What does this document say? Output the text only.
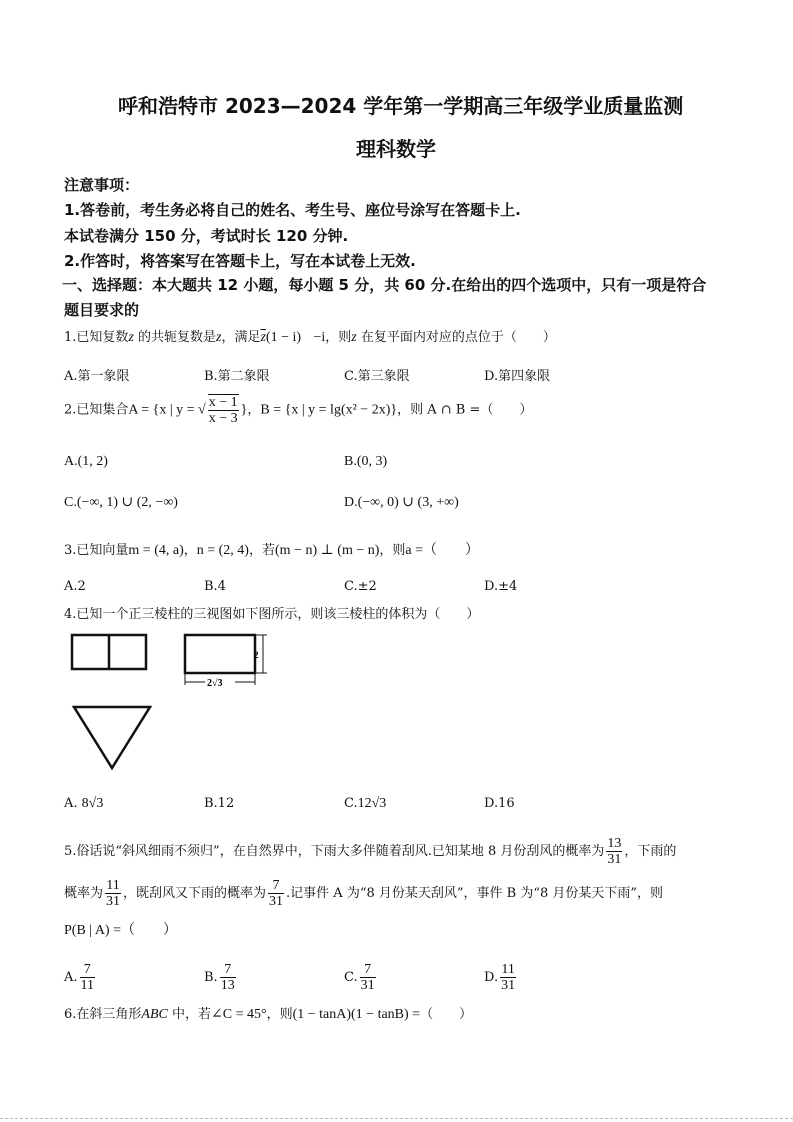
呼和浩特市 2023—2024 学年第一学期高三年级学业质量监测
理科数学
注意事项：
1.答卷前，考生务必将自己的姓名、考生号、座位号涂写在答题卡上.
本试卷满分 150 分，考试时长 120 分钟.
2.作答时，将答案写在答题卡上，写在本试卷上无效.
一、选择题：本大题共 12 小题，每小题 5 分，共 60 分.在给出的四个选项中，只有一项是符合
题目要求的
1.已知复数z 的共轭复数是z，满足$\overline{z}(1 - i) -i$，则z 在复平面内对应的点位于（　　）
A.第一象限	B.第二象限	C.第三象限	D.第四象限
2.已知集合A = {x | y = √ $\frac{x - 1}{x - 3}$ }，B = {x | y = lg(x² − 2x)}，则 A ∩ B =（　　）
A.(1, 2)	B.(0, 3)
C.(−∞, 1) ∪ (2, −∞)	D.(−∞, 0) ∪ (3, +∞)
3.已知向量m = (4, a)，n = (2, 4)，若(m − n) ⊥ (m − n)，则a =（　　）
A.2	B.4	C.±2	D.±4
4.已知一个正三棱柱的三视图如下图所示，则该三棱柱的体积为（　　）
2
2√3
A. 8√3	B.12	C.12√3	D.16
5.俗话说“斜风细雨不须归”，在自然界中，下雨大多伴随着刮风.已知某地 8 月份刮风的概率为 $\frac{13}{31}$ ，下雨的
概率为 $\frac{11}{31}$ ，既刮风又下雨的概率为 $\frac{7}{31}$ .记事件 A 为“8 月份某天刮风”，事件 B 为“8 月份某天下雨”，则
P(B | A) =（　　）
A. $\frac{7}{11}$	B. $\frac{7}{13}$	C. $\frac{7}{31}$	D. $\frac{11}{31}$
6.在斜三角形ABC 中，若∠C = 45°，则(1 − tanA)(1 − tanB) =（　　）
